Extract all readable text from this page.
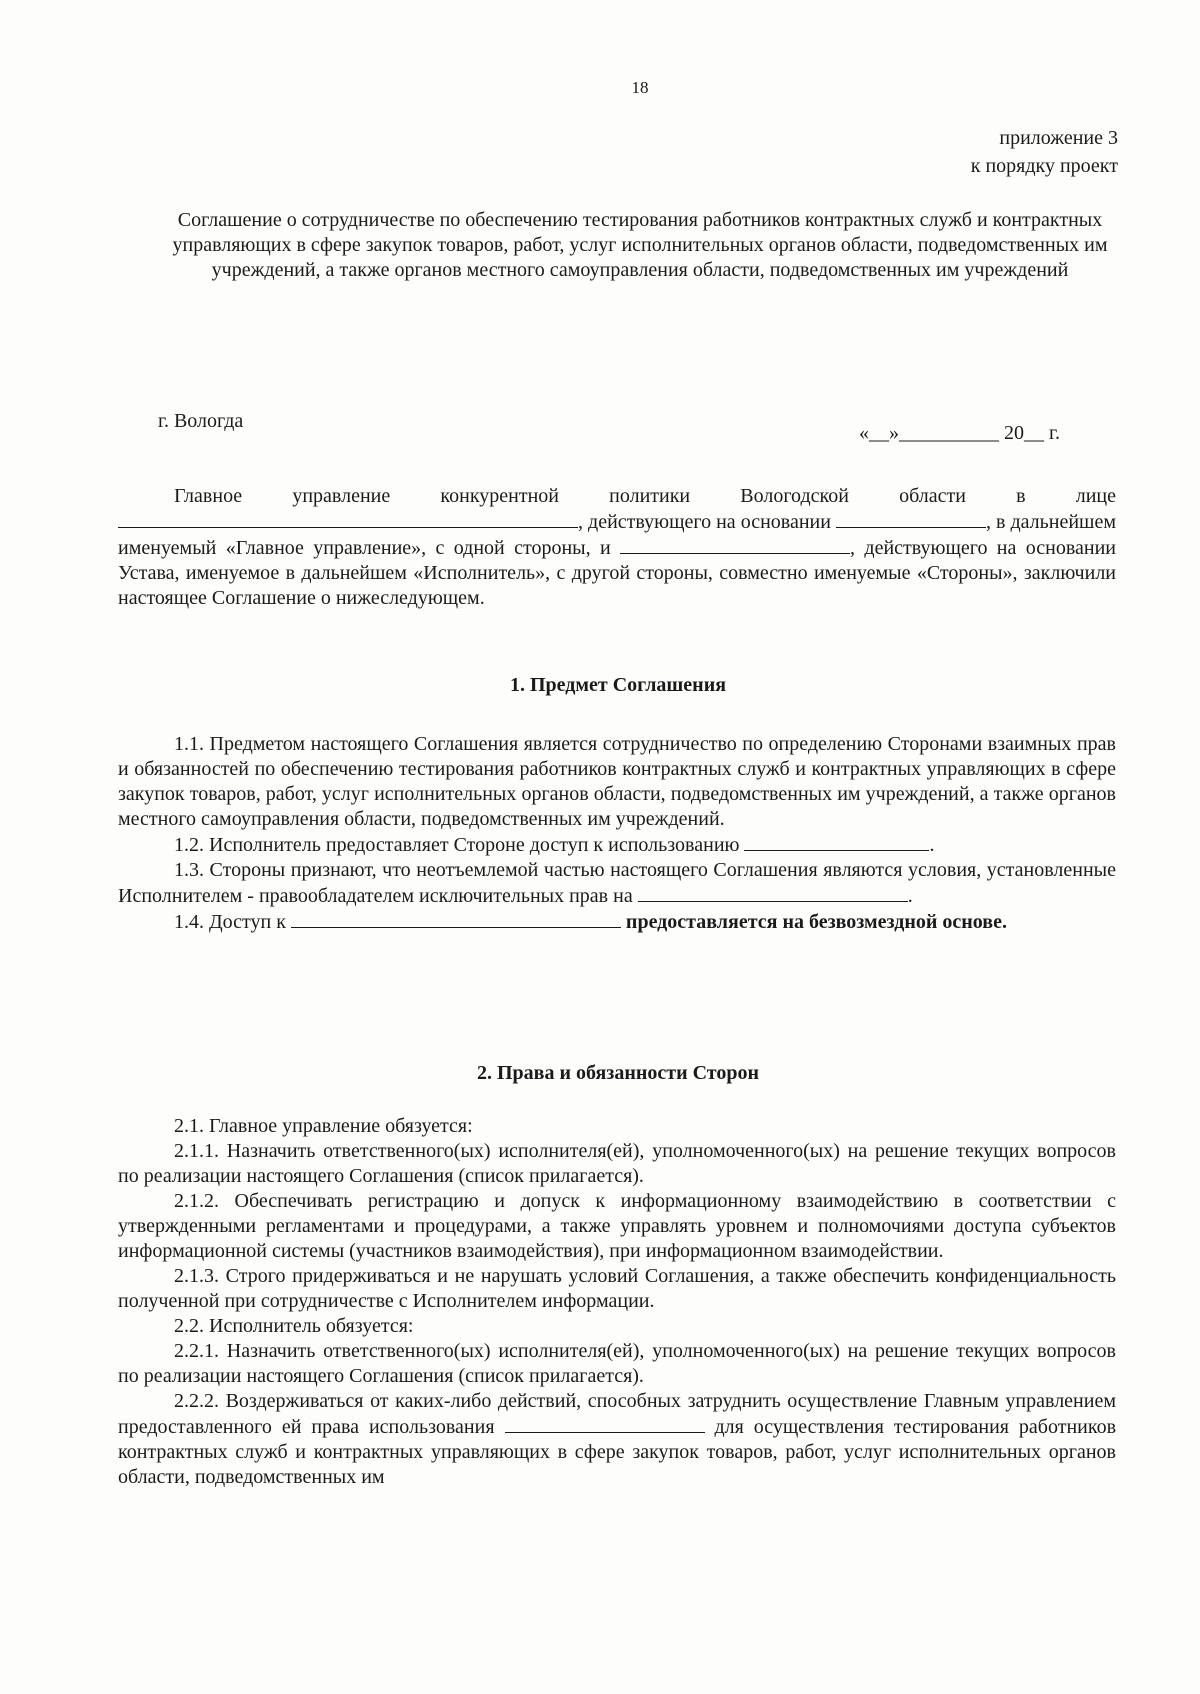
18
приложение 3
к порядку проект
Соглашение о сотрудничестве по обеспечению тестирования работников контрактных служб и контрактных управляющих в сфере закупок товаров, работ, услуг исполнительных органов области, подведомственных им учреждений, а также органов местного самоуправления области, подведомственных им учреждений
г. Вологда
«__»__________ 20__ г.

Главное управление конкурентной политики Вологодской области в лице , действующего на основании	, в дальнейшем именуемый «Главное управление», с одной стороны, и	, действующего на основании Устава, именуемое в дальнейшем «Исполнитель», с другой стороны, совместно именуемые «Стороны», заключили настоящее Соглашение о нижеследующем.

1. Предмет Соглашения

1.1. Предметом настоящего Соглашения является сотрудничество по определению Сторонами взаимных прав и обязанностей по обеспечению тестирования работников контрактных служб и контрактных управляющих в сфере закупок товаров, работ, услуг исполнительных органов области, подведомственных им учреждений, а также органов местного самоуправления области, подведомственных им учреждений.

1.2. Исполнитель предоставляет Стороне доступ к использованию	.

1.3. Стороны признают, что неотъемлемой частью настоящего Соглашения являются условия, установленные Исполнителем - правообладателем исключительных прав на	.

1.4. Доступ к	предоставляется на безвозмездной основе.

2. Права и обязанности Сторон

2.1. Главное управление обязуется:

2.1.1. Назначить ответственного(ых) исполнителя(ей), уполномоченного(ых) на решение текущих вопросов по реализации настоящего Соглашения (список прилагается).

2.1.2. Обеспечивать регистрацию и допуск к информационному взаимодействию в соответствии с утвержденными регламентами и процедурами, а также управлять уровнем и полномочиями доступа субъектов информационной системы (участников взаимодействия), при информационном взаимодействии.

2.1.3. Строго придерживаться и не нарушать условий Соглашения, а также обеспечить конфиденциальность полученной при сотрудничестве с Исполнителем информации.

2.2. Исполнитель обязуется:

2.2.1. Назначить ответственного(ых) исполнителя(ей), уполномоченного(ых) на решение текущих вопросов по реализации настоящего Соглашения (список прилагается).

2.2.2. Воздерживаться от каких-либо действий, способных затруднить осуществление Главным управлением предоставленного ей права использования	для осуществления тестирования работников контрактных служб и контрактных управляющих в сфере закупок товаров, работ, услуг исполнительных органов области, подведомственных им
